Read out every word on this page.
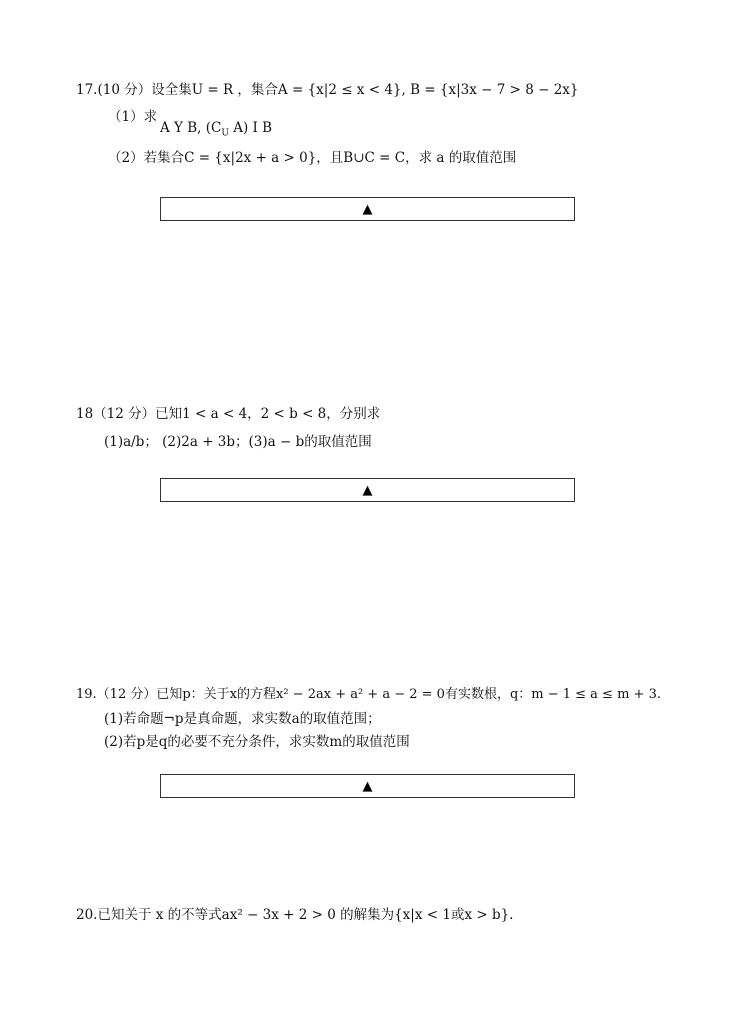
17.(10 分）设全集U = R ，集合A = {x|2 ≤ x < 4}, B = {x|3x − 7 > 8 − 2x}
（1）求
A Y B, ($C_U$ A) I B
（2）若集合C = {x|2x + a > 0}，且B∪C = C，求 a 的取值范围
▲
18（12 分）已知1 < a < 4，2 < b < 8，分别求
(1)a/b； (2)2a + 3b；(3)a − b的取值范围
▲
19.（12 分）已知p：关于x的方程x² − 2ax + a² + a − 2 = 0有实数根，q：m − 1 ≤ a ≤ m + 3.
(1)若命题¬p是真命题，求实数a的取值范围；
(2)若p是q的必要不充分条件，求实数m的取值范围
▲
20.已知关于 x 的不等式ax² − 3x + 2 > 0 的解集为{x|x < 1或x > b}.
